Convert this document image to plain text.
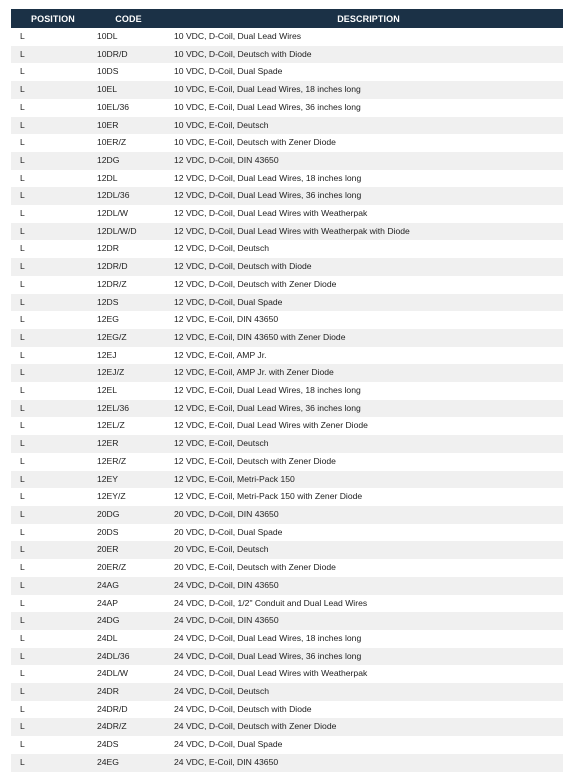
POSITION	CODE	DESCRIPTION
L	10DL	10 VDC, D-Coil, Dual Lead Wires
L	10DR/D	10 VDC, D-Coil, Deutsch with Diode
L	10DS	10 VDC, D-Coil, Dual Spade
L	10EL	10 VDC, E-Coil, Dual Lead Wires, 18 inches long
L	10EL/36	10 VDC, E-Coil, Dual Lead Wires, 36 inches long
L	10ER	10 VDC, E-Coil, Deutsch
L	10ER/Z	10 VDC, E-Coil, Deutsch with Zener Diode
L	12DG	12 VDC, D-Coil, DIN 43650
L	12DL	12 VDC, D-Coil, Dual Lead Wires, 18 inches long
L	12DL/36	12 VDC, D-Coil, Dual Lead Wires, 36 inches long
L	12DL/W	12 VDC, D-Coil, Dual Lead Wires with Weatherpak
L	12DL/W/D	12 VDC, D-Coil, Dual Lead Wires with Weatherpak with Diode
L	12DR	12 VDC, D-Coil, Deutsch
L	12DR/D	12 VDC, D-Coil, Deutsch with Diode
L	12DR/Z	12 VDC, D-Coil, Deutsch with Zener Diode
L	12DS	12 VDC, D-Coil, Dual Spade
L	12EG	12 VDC, E-Coil, DIN 43650
L	12EG/Z	12 VDC, E-Coil, DIN 43650 with Zener Diode
L	12EJ	12 VDC, E-Coil, AMP Jr.
L	12EJ/Z	12 VDC, E-Coil, AMP Jr. with Zener Diode
L	12EL	12 VDC, E-Coil, Dual Lead Wires, 18 inches long
L	12EL/36	12 VDC, E-Coil, Dual Lead Wires, 36 inches long
L	12EL/Z	12 VDC, E-Coil, Dual Lead Wires with Zener Diode
L	12ER	12 VDC, E-Coil, Deutsch
L	12ER/Z	12 VDC, E-Coil, Deutsch with Zener Diode
L	12EY	12 VDC, E-Coil, Metri-Pack 150
L	12EY/Z	12 VDC, E-Coil, Metri-Pack 150 with Zener Diode
L	20DG	20 VDC, D-Coil, DIN 43650
L	20DS	20 VDC, D-Coil, Dual Spade
L	20ER	20 VDC, E-Coil, Deutsch
L	20ER/Z	20 VDC, E-Coil, Deutsch with Zener Diode
L	24AG	24 VDC, D-Coil, DIN 43650
L	24AP	24 VDC, D-Coil, 1/2" Conduit and Dual Lead Wires
L	24DG	24 VDC, D-Coil, DIN 43650
L	24DL	24 VDC, D-Coil, Dual Lead Wires, 18 inches long
L	24DL/36	24 VDC, D-Coil, Dual Lead Wires, 36 inches long
L	24DL/W	24 VDC, D-Coil, Dual Lead Wires with Weatherpak
L	24DR	24 VDC, D-Coil, Deutsch
L	24DR/D	24 VDC, D-Coil, Deutsch with Diode
L	24DR/Z	24 VDC, D-Coil, Deutsch with Zener Diode
L	24DS	24 VDC, D-Coil, Dual Spade
L	24EG	24 VDC, E-Coil, DIN 43650
